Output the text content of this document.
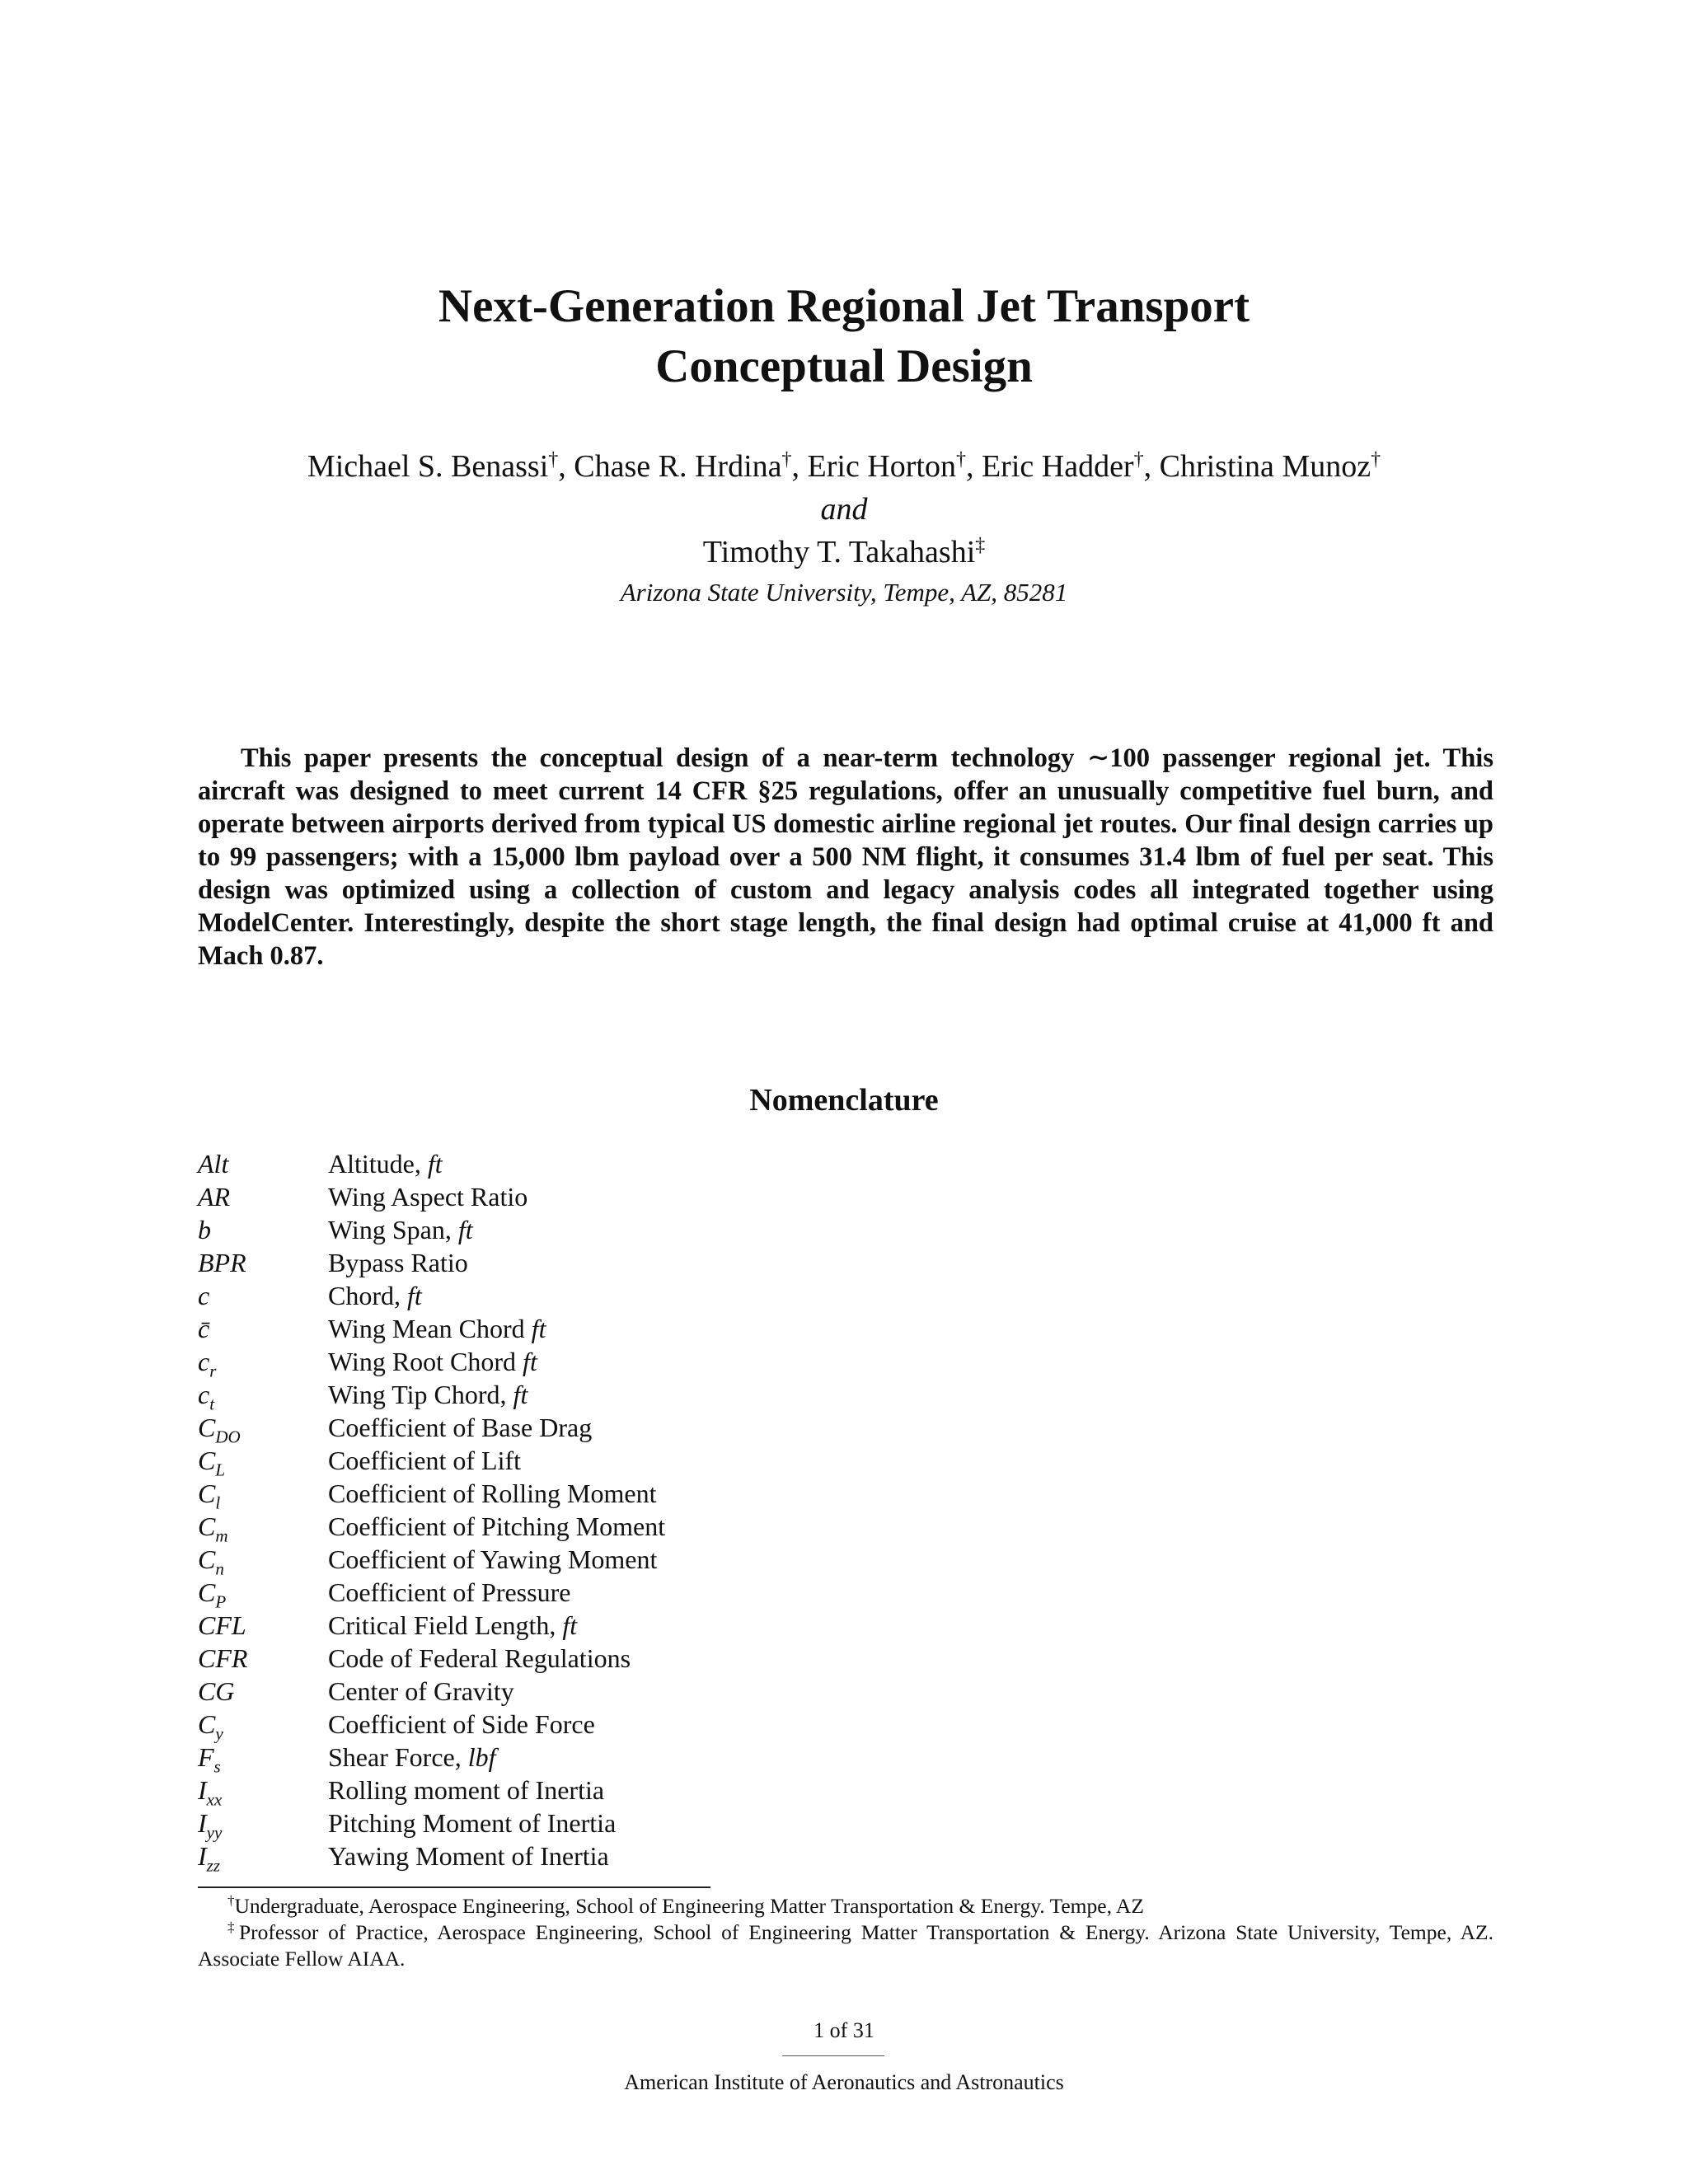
Next-Generation Regional Jet Transport
Conceptual Design
Michael S. Benassi†, Chase R. Hrdina†, Eric Horton†, Eric Hadder†, Christina Munoz†
and
Timothy T. Takahashi‡
Arizona State University, Tempe, AZ, 85281
This paper presents the conceptual design of a near-term technology ∼100 passenger regional jet. This aircraft was designed to meet current 14 CFR §25 regulations, offer an unusually competitive fuel burn, and operate between airports derived from typical US domestic airline regional jet routes. Our final design carries up to 99 passengers; with a 15,000 lbm payload over a 500 NM flight, it consumes 31.4 lbm of fuel per seat. This design was optimized using a collection of custom and legacy analysis codes all integrated together using ModelCenter. Interestingly, despite the short stage length, the final design had optimal cruise at 41,000 ft and Mach 0.87.
Nomenclature
Alt	Altitude, ft
AR	Wing Aspect Ratio
b	Wing Span, ft
BPR	Bypass Ratio
c	Chord, ft
c̄	Wing Mean Chord ft
$c_r$	Wing Root Chord ft
$c_t$	Wing Tip Chord, ft
$C_{DO}$	Coefficient of Base Drag
$C_L$	Coefficient of Lift
$C_l$	Coefficient of Rolling Moment
$C_m$	Coefficient of Pitching Moment
$C_n$	Coefficient of Yawing Moment
$C_P$	Coefficient of Pressure
CFL	Critical Field Length, ft
CFR	Code of Federal Regulations
CG	Center of Gravity
$C_y$	Coefficient of Side Force
$F_s$	Shear Force, lbf
$I_{xx}$	Rolling moment of Inertia
$I_{yy}$	Pitching Moment of Inertia
$I_{zz}$	Yawing Moment of Inertia
†Undergraduate, Aerospace Engineering, School of Engineering Matter Transportation & Energy. Tempe, AZ
‡Professor of Practice, Aerospace Engineering, School of Engineering Matter Transportation & Energy. Arizona State University, Tempe, AZ. Associate Fellow AIAA.
1 of 31
American Institute of Aeronautics and Astronautics
